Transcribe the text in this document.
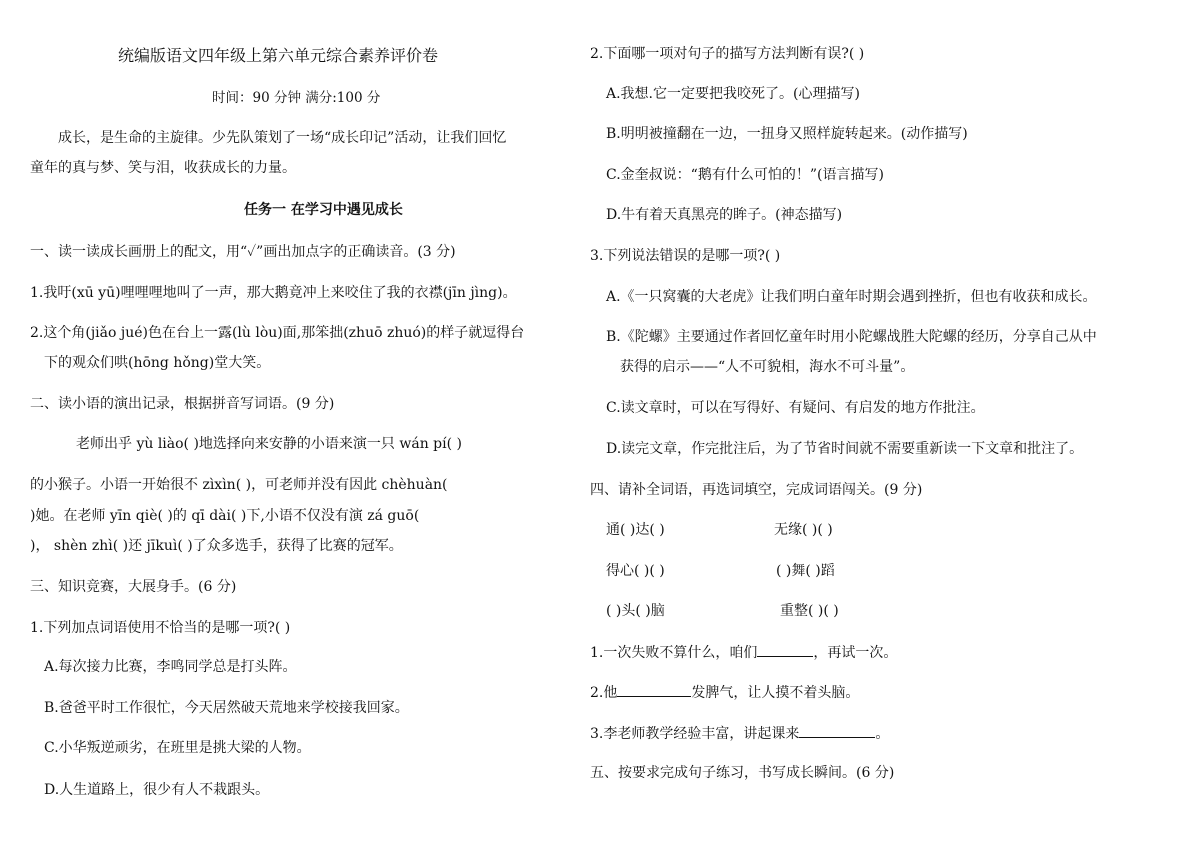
统编版语文四年级上第六单元综合素养评价卷
时间：90 分钟 满分:100 分
成长，是生命的主旋律。少先队策划了一场“成长印记”活动，让我们回忆
童年的真与梦、笑与泪，收获成长的力量。
任务一 在学习中遇见成长
一、读一读成长画册上的配文，用“✓”画出加点字的正确读音。(3 分)
1.我吁(xū yū)哩哩哩地叫了一声，那大鹅竟冲上来咬住了我的衣襟(jīn jìng)。
2.这个角(jiǎo jué)色在台上一露(lù lòu)面,那笨拙(zhuō zhuó)的样子就逗得台
下的观众们哄(hōng hǒng)堂大笑。
二、读小语的演出记录，根据拼音写词语。(9 分)
老师出乎 yù liào( )地选择向来安静的小语来演一只 wán pí( )
的小猴子。小语一开始很不 zìxìn( )，可老师并没有因此 chèhuàn(
)她。在老师 yīn qiè( )的 qī dài( )下,小语不仅没有演 zá guō(
)， shèn zhì( )还 jīkuì( )了众多选手，获得了比赛的冠军。
三、知识竞赛，大展身手。(6 分)
1.下列加点词语使用不恰当的是哪一项?( )
A.每次接力比赛，李鸣同学总是打头阵。
B.爸爸平时工作很忙，今天居然破天荒地来学校接我回家。
C.小华叛逆顽劣，在班里是挑大梁的人物。
D.人生道路上，很少有人不栽跟头。
2.下面哪一项对句子的描写方法判断有误?( )
A.我想.它一定要把我咬死了。(心理描写)
B.明明被撞翻在一边，一扭身又照样旋转起来。(动作描写)
C.金奎叔说：“鹅有什么可怕的！”(语言描写)
D.牛有着天真黑亮的眸子。(神态描写)
3.下列说法错误的是哪一项?( )
A.《一只窝囊的大老虎》让我们明白童年时期会遇到挫折，但也有收获和成长。
B.《陀螺》主要通过作者回忆童年时用小陀螺战胜大陀螺的经历，分享自己从中
获得的启示——“人不可貌相，海水不可斗量”。
C.读文章时，可以在写得好、有疑问、有启发的地方作批注。
D.读完文章，作完批注后，为了节省时间就不需要重新读一下文章和批注了。
四、请补全词语，再选词填空，完成词语闯关。(9 分)
通( )达( )	无缘( )( )
得心( )( )	( )舞( )蹈
( )头( )脑	重整( )( )
1.一次失败不算什么，咱们	，再试一次。
2.他	发脾气，让人摸不着头脑。
3.李老师教学经验丰富，讲起课来	。
五、按要求完成句子练习，书写成长瞬间。(6 分)
